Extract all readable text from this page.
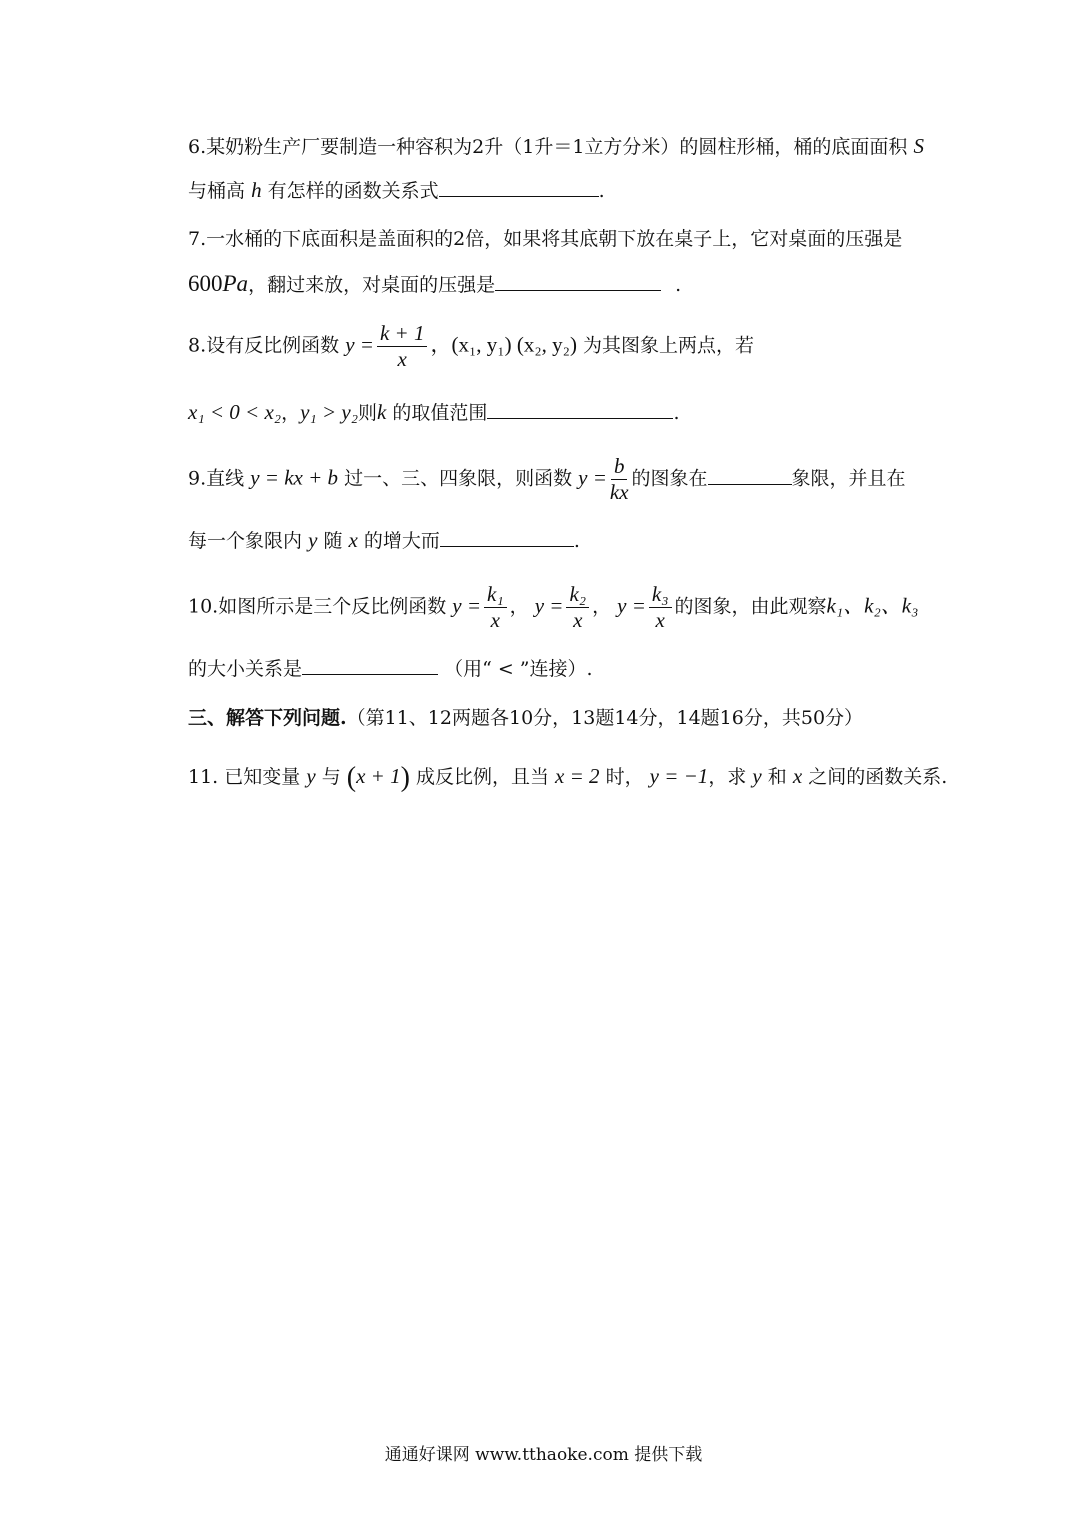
6.某奶粉生产厂要制造一种容积为2升（1升＝1立方分米）的圆柱形桶，桶的底面面积 S
与桶高 h 有怎样的函数关系式	.
7.一水桶的下底面积是盖面积的2倍，如果将其底朝下放在桌子上，它对桌面的压强是
600Pa，翻过来放，对桌面的压强是	.
8.设有反比例函数 $y = \frac{k + 1}{x}$ ，(x₁, y₁) (x₂, y₂) 为其图象上两点，若
x₁ < 0 < x₂，y₁ > y₂则k 的取值范围	.
9.直线 y = kx + b 过一、三、四象限，则函数 $y = \frac{b}{kx}$ 的图象在	象限，并且在
每一个象限内 y 随 x 的增大而	.
10.如图所示是三个反比例函数 $y = \frac{\text{k₁}}{x}$ ， $y = \frac{\text{k₂}}{x}$ ， $y = \frac{\text{k₃}}{x}$ 的图象，由此观察k₁、k₂、k₃
的大小关系是	（用“ < ”连接）.
三、解答下列问题.（第11、12两题各10分，13题14分，14题16分，共50分）
11. 已知变量 y 与 (x + 1) 成反比例，且当 x = 2 时， y = −1，求 y 和 x 之间的函数关系.
通通好课网 www.tthaoke.com 提供下载
